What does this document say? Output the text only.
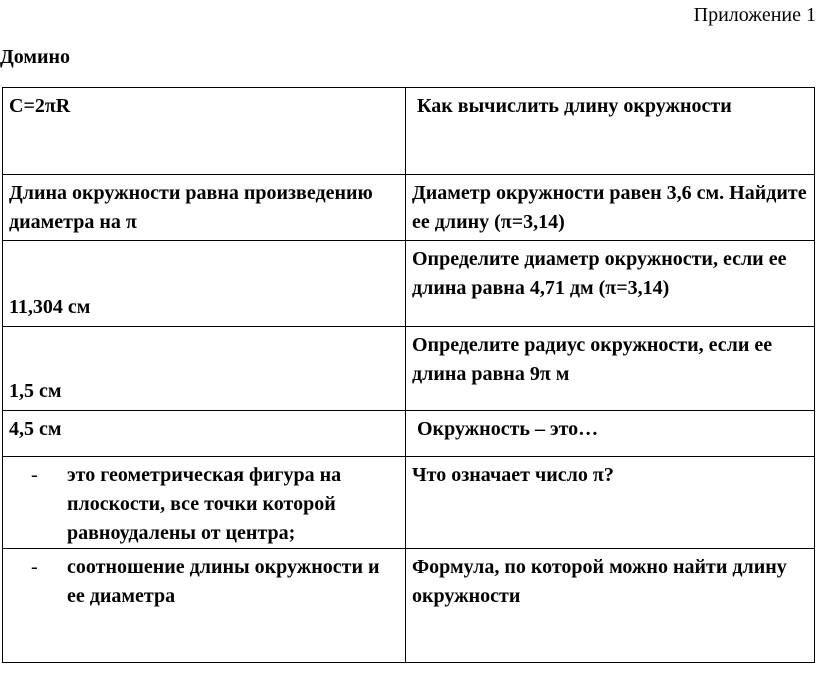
Приложение 1
Домино
С=2πR	Как вычислить длину окружности
Длина окружности равна произведению диаметра на π	Диаметр окружности равен 3,6 см. Найдите ее длину (π=3,14)

11,304 см	Определите диаметр окружности, если ее длина равна 4,71 дм (π=3,14)

1,5 см	Определите радиус окружности, если ее длина равна 9π м
4,5 см	Окружность – это…

- это геометрическая фигура на плоскости, все точки которой равноудалены от центра;	Что означает число π?

- соотношение длины окружности и ее диаметра	Формула, по которой можно найти длину окружности
